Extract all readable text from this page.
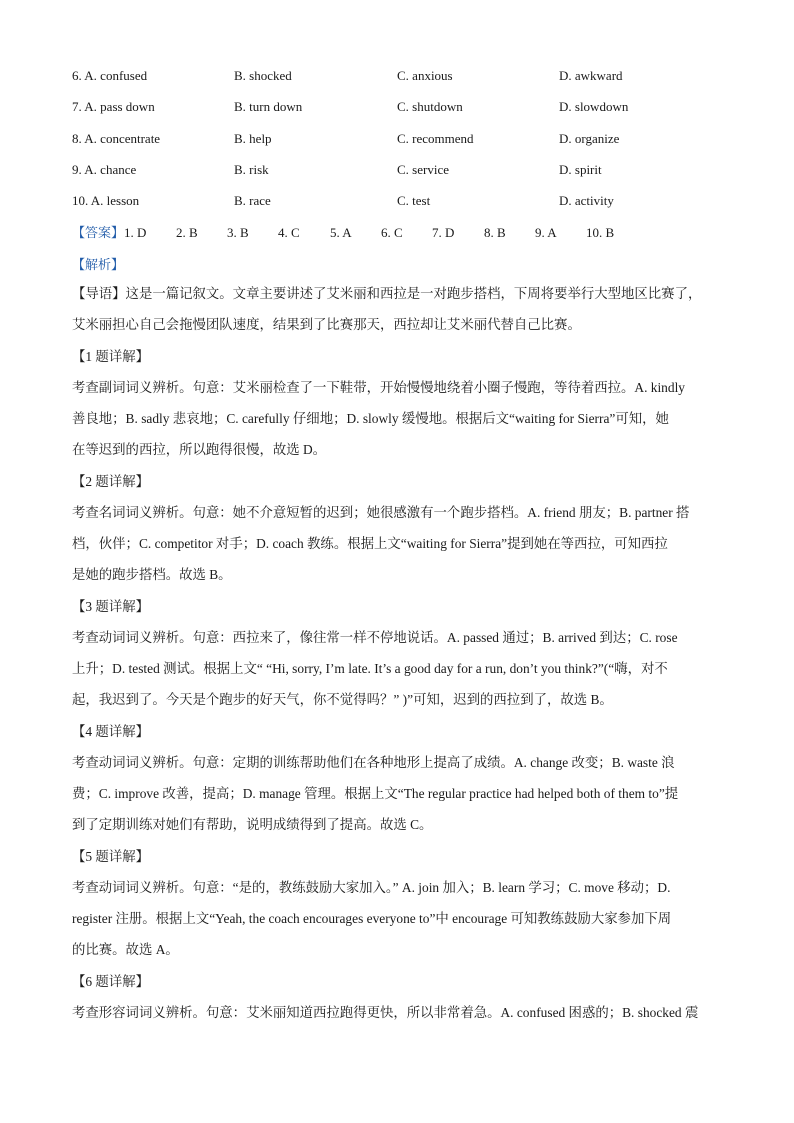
6. A. confused	B. shocked	C. anxious	D. awkward
7. A. pass down	B. turn down	C. shutdown	D. slowdown
8. A. concentrate	B. help	C. recommend	D. organize
9. A. chance	B. risk	C. service	D. spirit
10. A. lesson	B. race	C. test	D. activity
【答案】1. D 2. B 3. B 4. C 5. A 6. C 7. D 8. B 9. A 10. B
【解析】
【导语】这是一篇记叙文。文章主要讲述了艾米丽和西拉是一对跑步搭档，下周将要举行大型地区比赛了，
艾米丽担心自己会拖慢团队速度，结果到了比赛那天，西拉却让艾米丽代替自己比赛。
【1 题详解】
考查副词词义辨析。句意：艾米丽检查了一下鞋带，开始慢慢地绕着小圈子慢跑，等待着西拉。A. kindly
善良地；B. sadly 悲哀地；C. carefully 仔细地；D. slowly 缓慢地。根据后文“waiting for Sierra”可知，她
在等迟到的西拉，所以跑得很慢，故选 D。
【2 题详解】
考查名词词义辨析。句意：她不介意短暂的迟到；她很感激有一个跑步搭档。A. friend 朋友；B. partner 搭
档，伙伴；C. competitor 对手；D. coach 教练。根据上文“waiting for Sierra”提到她在等西拉，可知西拉
是她的跑步搭档。故选 B。
【3 题详解】
考查动词词义辨析。句意：西拉来了，像往常一样不停地说话。A. passed 通过；B. arrived 到达；C. rose
上升；D. tested 测试。根据上文“ “Hi, sorry, I’m late. It’s a good day for a run, don’t you think?”(“嗨，对不
起，我迟到了。今天是个跑步的好天气，你不觉得吗？” )”可知，迟到的西拉到了，故选 B。
【4 题详解】
考查动词词义辨析。句意：定期的训练帮助他们在各种地形上提高了成绩。A. change 改变；B. waste 浪
费；C. improve 改善，提高；D. manage 管理。根据上文“The regular practice had helped both of them to”提
到了定期训练对她们有帮助，说明成绩得到了提高。故选 C。
【5 题详解】
考查动词词义辨析。句意：“是的，教练鼓励大家加入。” A. join 加入；B. learn 学习；C. move 移动；D.
register 注册。根据上文“Yeah, the coach encourages everyone to”中 encourage 可知教练鼓励大家参加下周
的比赛。故选 A。
【6 题详解】
考查形容词词义辨析。句意：艾米丽知道西拉跑得更快，所以非常着急。A. confused 困惑的；B. shocked 震
